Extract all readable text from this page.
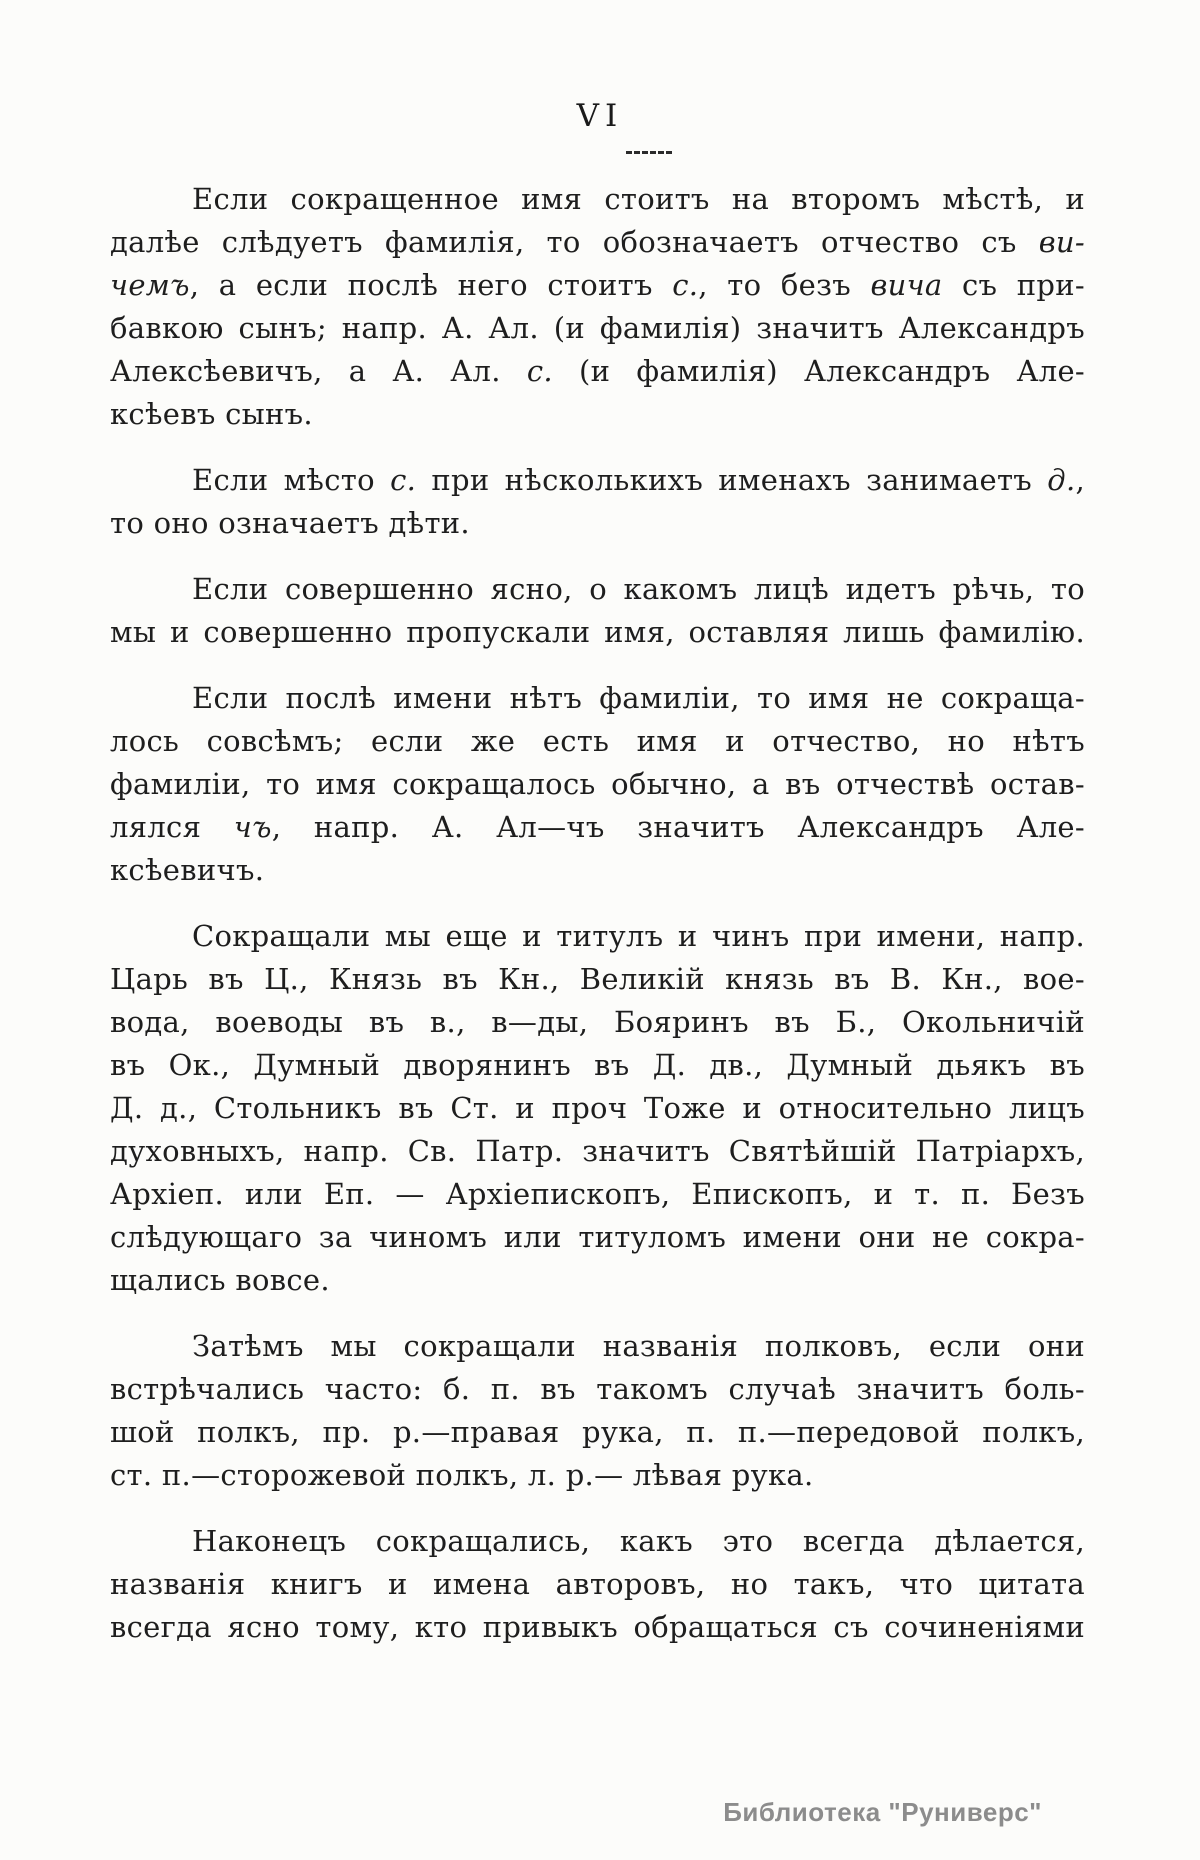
VI
Если сокращенное имя стоитъ на второмъ мѣстѣ, и
далѣе слѣдуетъ фамилія, то обозначаетъ отчество съ ви-
чемъ, а если послѣ него стоитъ с., то безъ вича съ при-
бавкою сынъ; напр. А. Ал. (и фамилія) значитъ Александръ
Алексѣевичъ, а А. Ал. с. (и фамилія) Александръ Але-
ксѣевъ сынъ.
Если мѣсто с. при нѣсколькихъ именахъ занимаетъ д.,
то оно означаетъ дѣти.
Если совершенно ясно, о какомъ лицѣ идетъ рѣчь, то
мы и совершенно пропускали имя, оставляя лишь фамилію.
Если послѣ имени нѣтъ фамиліи, то имя не сокраща-
лось совсѣмъ; если же есть имя и отчество, но нѣтъ
фамиліи, то имя сокращалось обычно, а въ отчествѣ остав-
лялся чъ, напр. А. Ал—чъ значитъ Александръ Але-
ксѣевичъ.
Сокращали мы еще и титулъ и чинъ при имени, напр.
Царь въ Ц., Князь въ Кн., Великій князь въ В. Кн., вое-
вода, воеводы въ в., в—ды, Бояринъ въ Б., Окольничій
въ Ок., Думный дворянинъ въ Д. дв., Думный дьякъ въ
Д. д., Стольникъ въ Ст. и проч Тоже и относительно лицъ
духовныхъ, напр. Св. Патр. значитъ Святѣйшій Патріархъ,
Архіеп. или Еп. — Архіепископъ, Епископъ, и т. п. Безъ
слѣдующаго за чиномъ или титуломъ имени они не сокра-
щались вовсе.
Затѣмъ мы сокращали названія полковъ, если они
встрѣчались часто: б. п. въ такомъ случаѣ значитъ боль-
шой полкъ, пр. р.—правая рука, п. п.—передовой полкъ,
ст. п.—сторожевой полкъ, л. р.— лѣвая рука.
Наконецъ сокращались, какъ это всегда дѣлается,
названія книгъ и имена авторовъ, но такъ, что цитата
всегда ясно тому, кто привыкъ обращаться съ сочиненіями
Библиотека "Руниверс"
